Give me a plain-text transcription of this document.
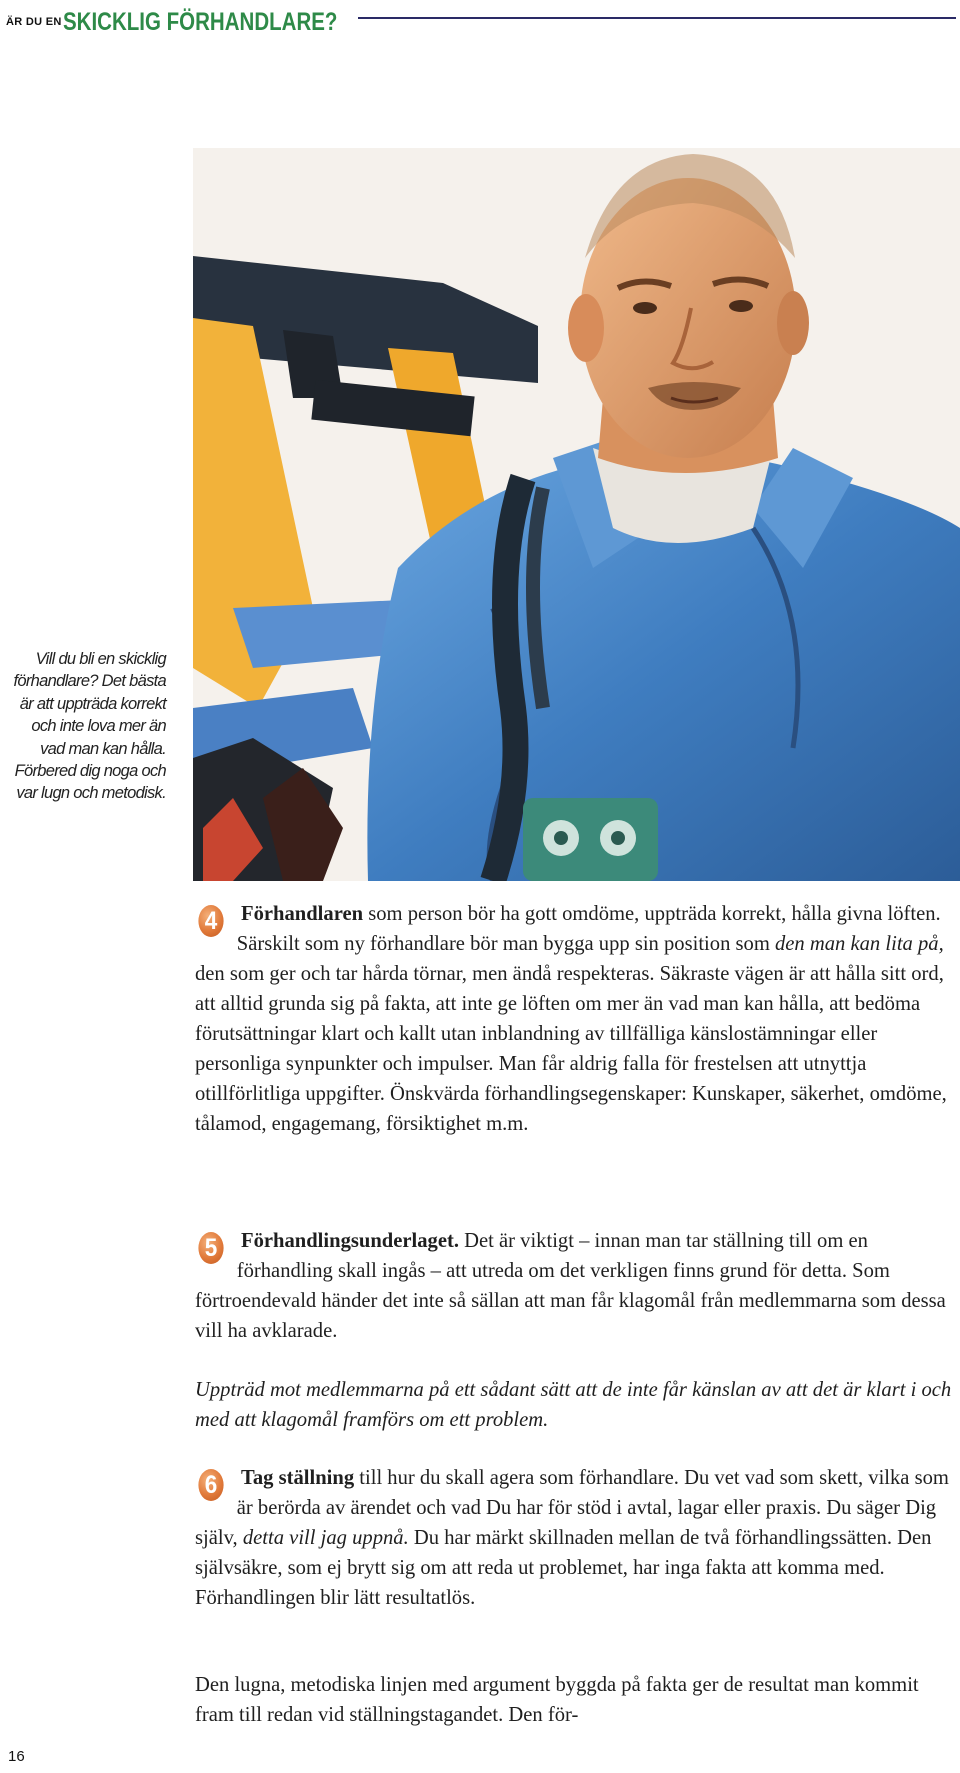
ÄR DU EN SKICKLIG FÖRHANDLARE?
Vill du bli en skicklig förhandlare? Det bästa är att uppträda korrekt och inte lova mer än vad man kan hålla. Förbered dig noga och var lugn och metodisk.

4	Förhandlaren som person bör ha gott omdöme, uppträda korrekt, hålla givna löften. Särskilt som ny förhandlare bör man bygga upp sin position som den man kan lita på, den som ger och tar hårda törnar, men ändå respekteras. Säkraste vägen är att hålla sitt ord, att alltid grunda sig på fakta, att inte ge löften om mer än vad man kan hålla, att bedöma förutsättningar klart och kallt utan inblandning av tillfälliga känslostämningar eller personliga synpunkter och impulser. Man får aldrig falla för frestelsen att utnyttja otillförlitliga uppgifter. Önskvärda förhandlingsegenskaper: Kunskaper, säkerhet, omdöme, tålamod, engagemang, försiktighet m.m.

5	Förhandlingsunderlaget. Det är viktigt – innan man tar ställning till om en förhandling skall ingås – att utreda om det verkligen finns grund för detta. Som förtroendevald händer det inte så sällan att man får klagomål från medlemmarna som dessa vill ha avklarade.

Uppträd mot medlemmarna på ett sådant sätt att de inte får känslan av att det är klart i och med att klagomål framförs om ett problem.

6	Tag ställning till hur du skall agera som förhandlare. Du vet vad som skett, vilka som är berörda av ärendet och vad Du har för stöd i avtal, lagar eller praxis. Du säger Dig själv, detta vill jag uppnå. Du har märkt skillnaden mellan de två förhandlingssätten. Den självsäkre, som ej brytt sig om att reda ut problemet, har inga fakta att komma med. Förhandlingen blir lätt resultatlös.

Den lugna, metodiska linjen med argument byggda på fakta ger de resultat man kommit fram till redan vid ställningstagandet. Den för-
16
